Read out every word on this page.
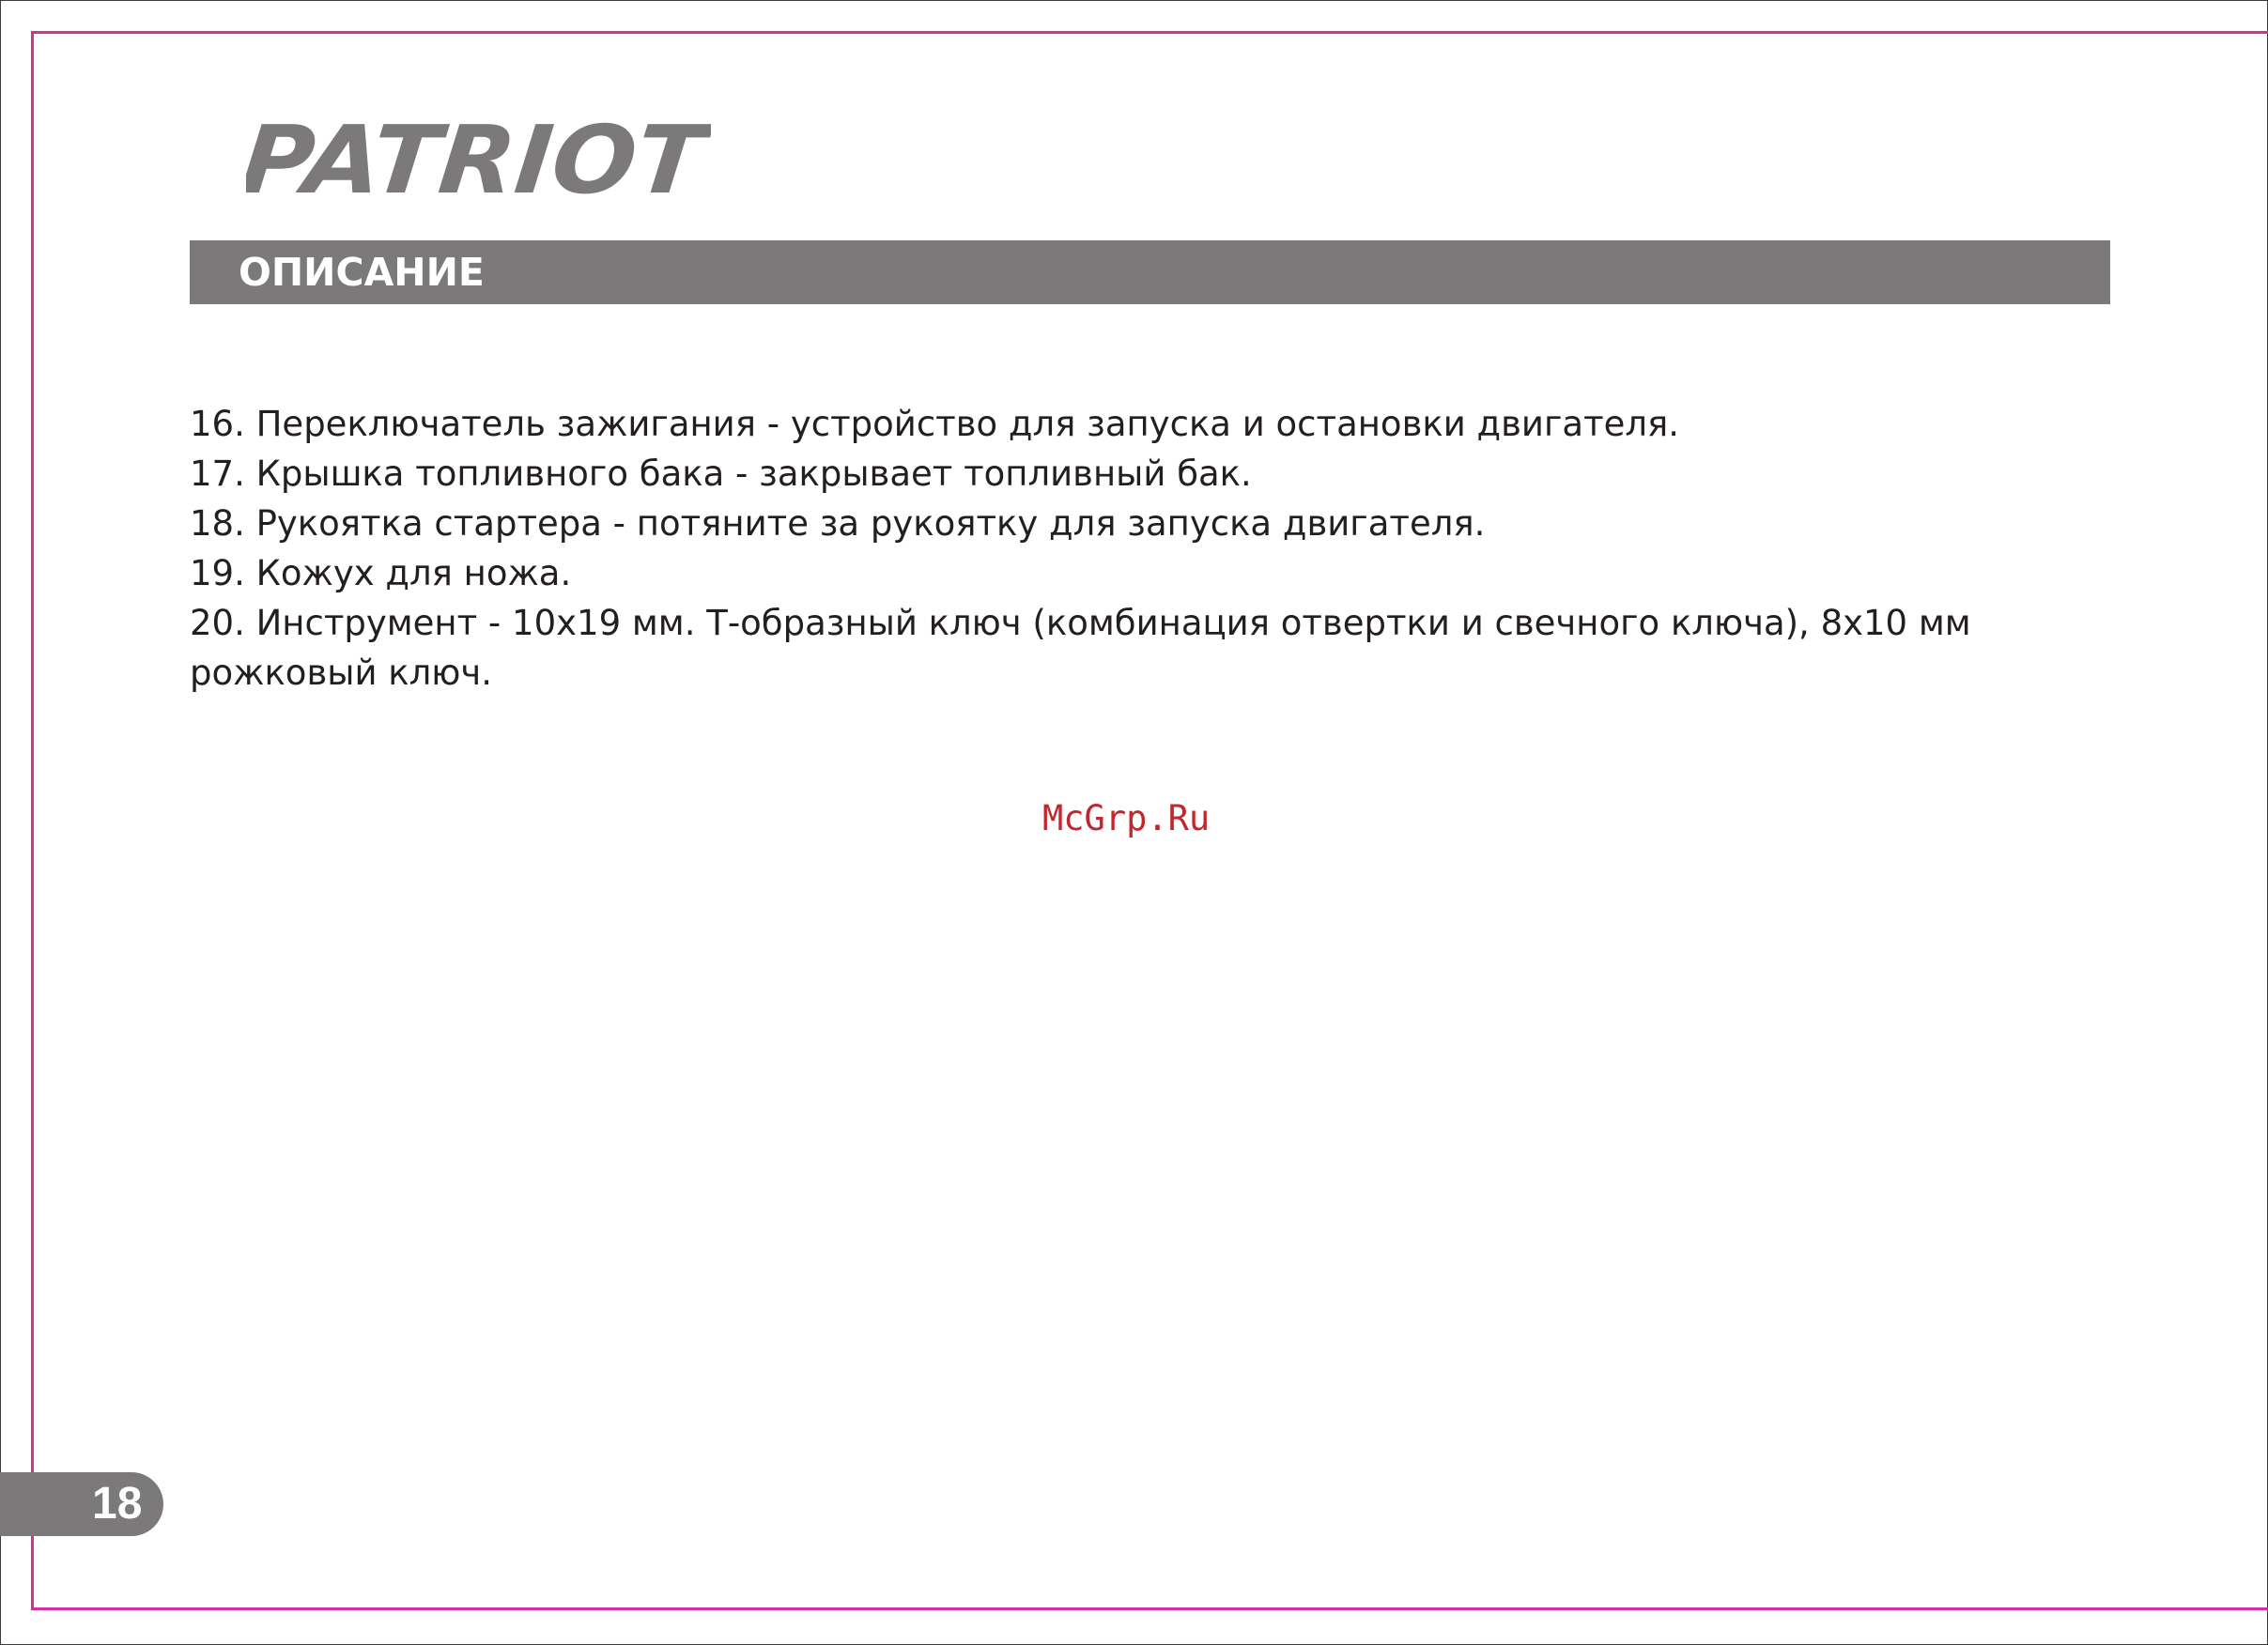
PATRIOT
ОПИСАНИЕ
16. Переключатель зажигания - устройство для запуска и остановки двигателя.
17. Крышка топливного бака - закрывает топливный бак.
18. Рукоятка стартера - потяните за рукоятку для запуска двигателя.
19. Кожух для ножа.
20. Инструмент - 10х19 мм. Т-образный ключ (комбинация отвертки и свечного ключа), 8х10 мм рожковый ключ.
McGrp.Ru
18
